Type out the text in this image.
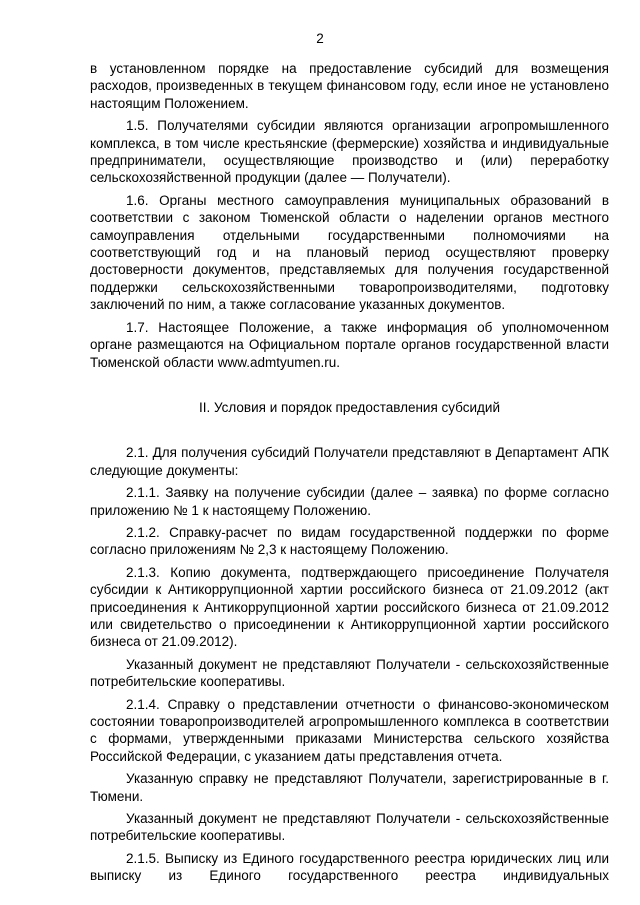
2

в установленном порядке на предоставление субсидий для возмещения расходов, произведенных в текущем финансовом году, если иное не установлено настоящим Положением.

1.5. Получателями субсидии являются организации агропромышленного комплекса, в том числе крестьянские (фермерские) хозяйства и индивидуальные предприниматели, осуществляющие производство и (или) переработку сельскохозяйственной продукции (далее — Получатели).

1.6. Органы местного самоуправления муниципальных образований в соответствии с законом Тюменской области о наделении органов местного самоуправления отдельными государственными полномочиями на соответствующий год и на плановый период осуществляют проверку достоверности документов, представляемых для получения государственной поддержки сельскохозяйственными товаропроизводителями, подготовку заключений по ним, а также согласование указанных документов.

1.7. Настоящее Положение, а также информация об уполномоченном органе размещаются на Официальном портале органов государственной власти Тюменской области www.admtyumen.ru.

II. Условия и порядок предоставления субсидий

2.1. Для получения субсидий Получатели представляют в Департамент АПК следующие документы:

2.1.1. Заявку на получение субсидии (далее – заявка) по форме согласно приложению № 1 к настоящему Положению.

2.1.2. Справку-расчет по видам государственной поддержки по форме согласно приложениям № 2,3 к настоящему Положению.

2.1.3. Копию документа, подтверждающего присоединение Получателя субсидии к Антикоррупционной хартии российского бизнеса от 21.09.2012 (акт присоединения к Антикоррупционной хартии российского бизнеса от 21.09.2012 или свидетельство о присоединении к Антикоррупционной хартии российского бизнеса от 21.09.2012).

Указанный документ не представляют Получатели - сельскохозяйственные потребительские кооперативы.

2.1.4. Справку о представлении отчетности о финансово-экономическом состоянии товаропроизводителей агропромышленного комплекса в соответствии с формами, утвержденными приказами Министерства сельского хозяйства Российской Федерации, с указанием даты представления отчета.

Указанную справку не представляют Получатели, зарегистрированные в г. Тюмени.

Указанный документ не представляют Получатели - сельскохозяйственные потребительские кооперативы.

2.1.5. Выписку из Единого государственного реестра юридических лиц или выписку из Единого государственного реестра индивидуальных
